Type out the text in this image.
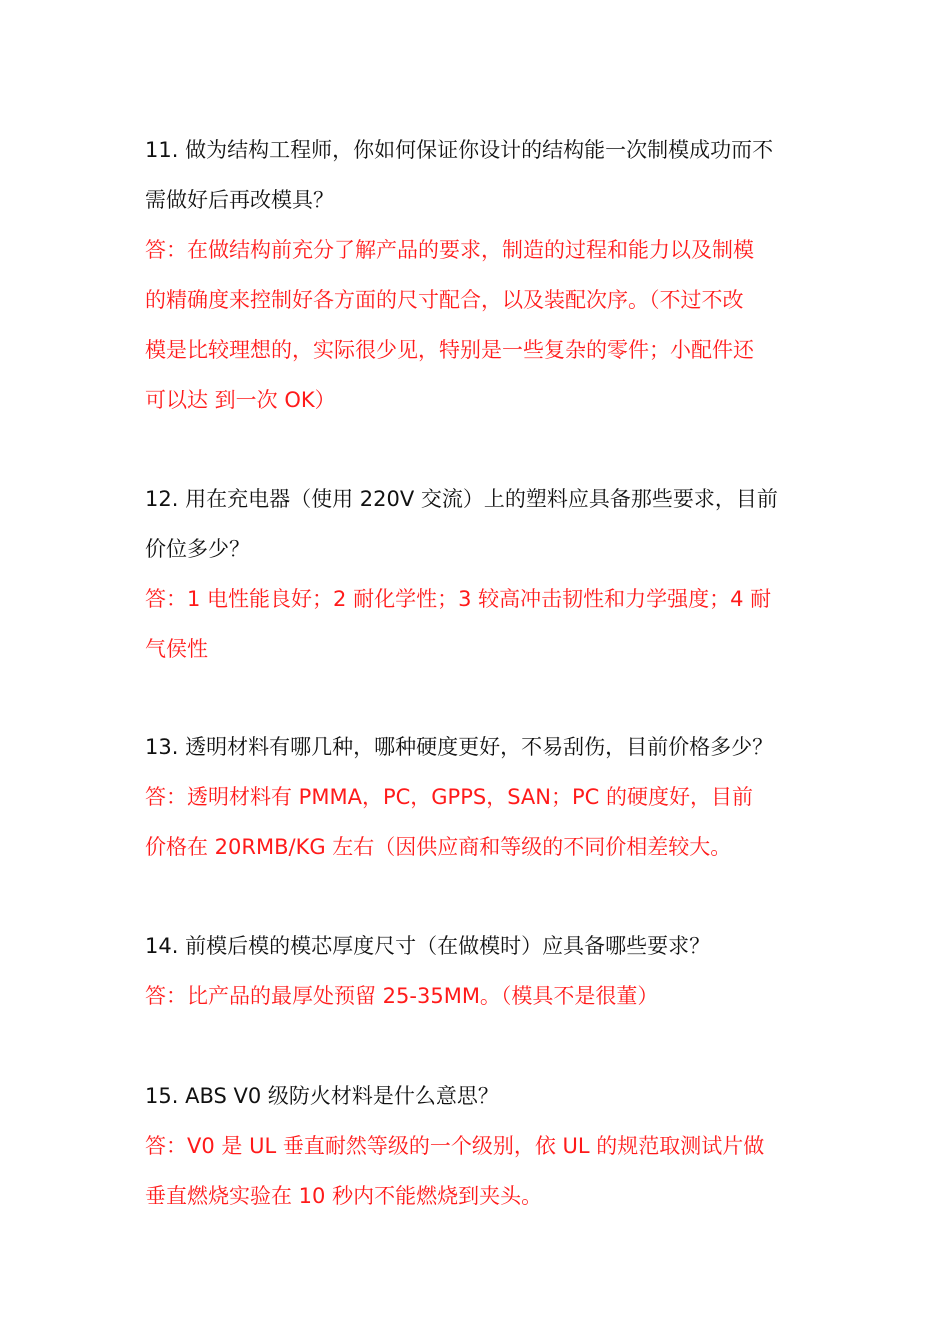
11. 做为结构工程师，你如何保证你设计的结构能一次制模成功而不
需做好后再改模具？
答：在做结构前充分了解产品的要求，制造的过程和能力以及制模
的精确度来控制好各方面的尺寸配合，以及装配次序。（不过不改
模是比较理想的，实际很少见，特别是一些复杂的零件；小配件还
可以达 到一次 OK）
12. 用在充电器（使用 220V 交流）上的塑料应具备那些要求，目前
价位多少？
答：1 电性能良好；2 耐化学性；3 较高冲击韧性和力学强度；4 耐
气侯性
13. 透明材料有哪几种，哪种硬度更好，不易刮伤，目前价格多少？
答：透明材料有 PMMA，PC，GPPS，SAN；PC 的硬度好，目前
价格在 20RMB/KG 左右（因供应商和等级的不同价相差较大。
14. 前模后模的模芯厚度尺寸（在做模时）应具备哪些要求？
答：比产品的最厚处预留 25-35MM。（模具不是很董）
15. ABS V0 级防火材料是什么意思？
答：V0 是 UL 垂直耐然等级的一个级别，依 UL 的规范取测试片做
垂直燃烧实验在 10 秒内不能燃烧到夹头。
